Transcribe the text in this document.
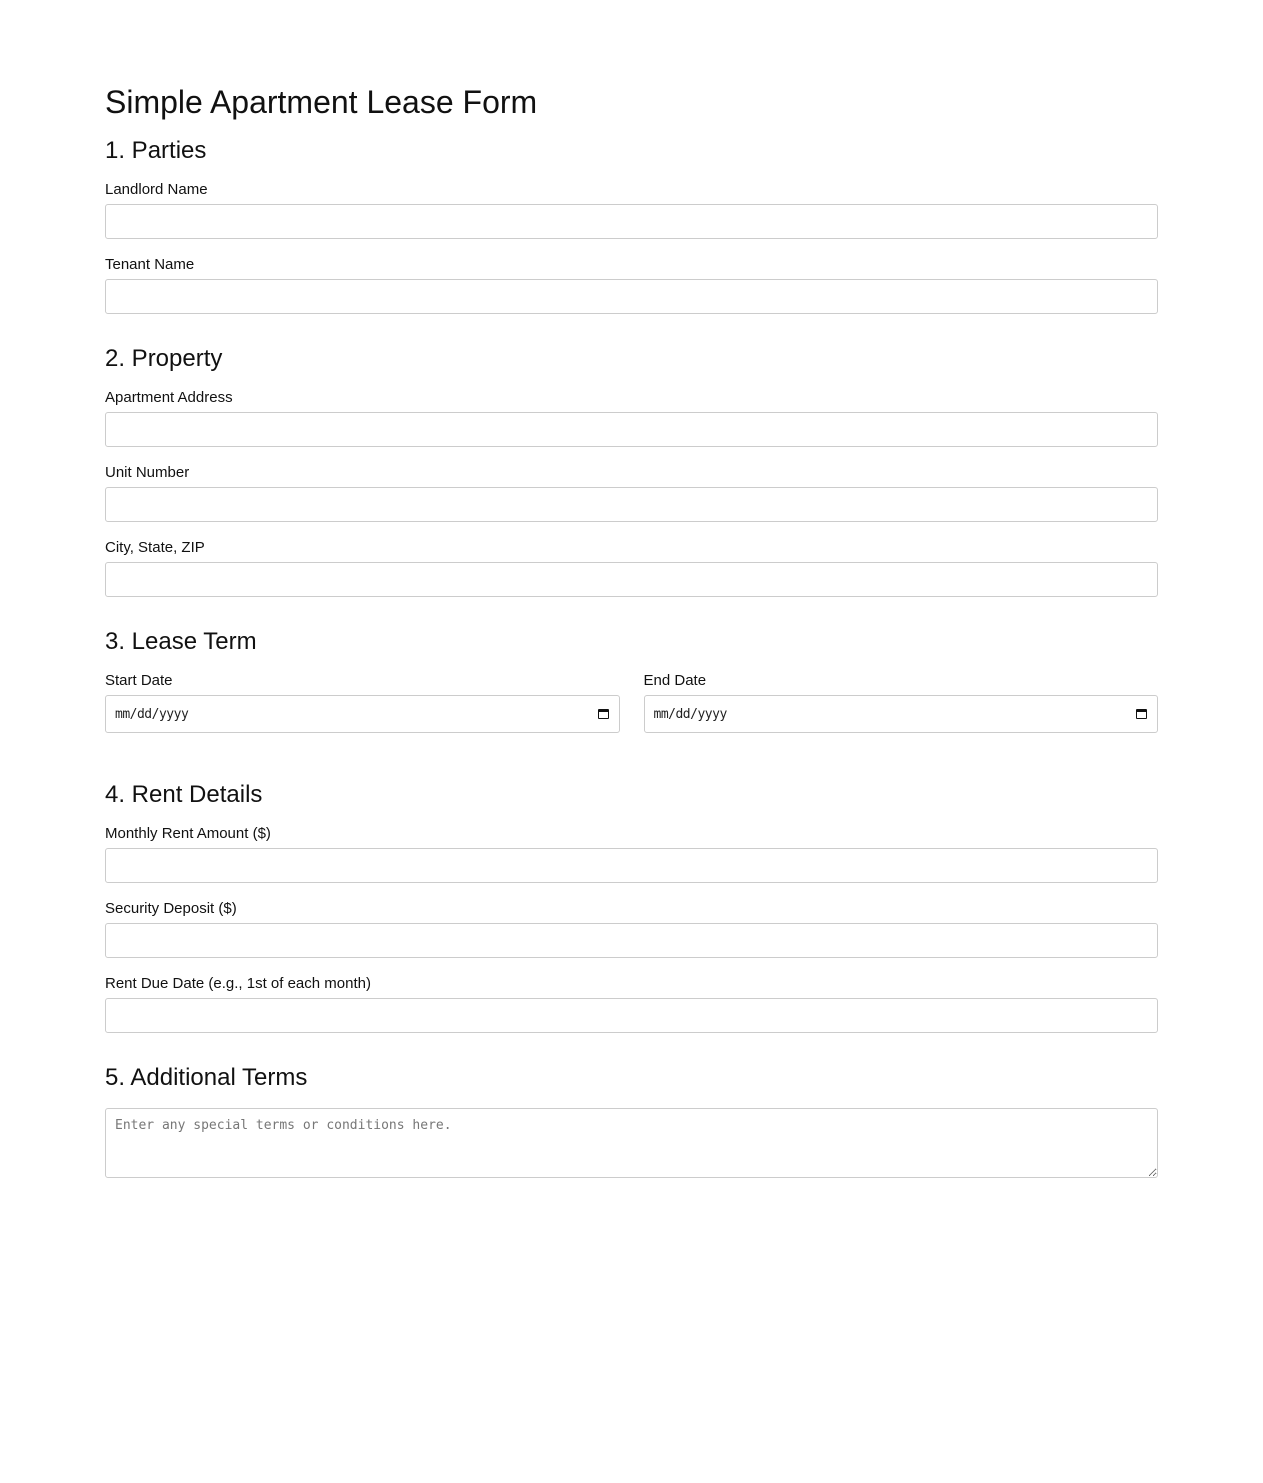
Simple Apartment Lease Form
1. Parties
Landlord Name
Tenant Name
2. Property
Apartment Address
Unit Number
City, State, ZIP
3. Lease Term
Start Date
mm/dd/yyyy
End Date
mm/dd/yyyy
4. Rent Details
Monthly Rent Amount ($)
Security Deposit ($)
Rent Due Date (e.g., 1st of each month)
5. Additional Terms
Enter any special terms or conditions here.
